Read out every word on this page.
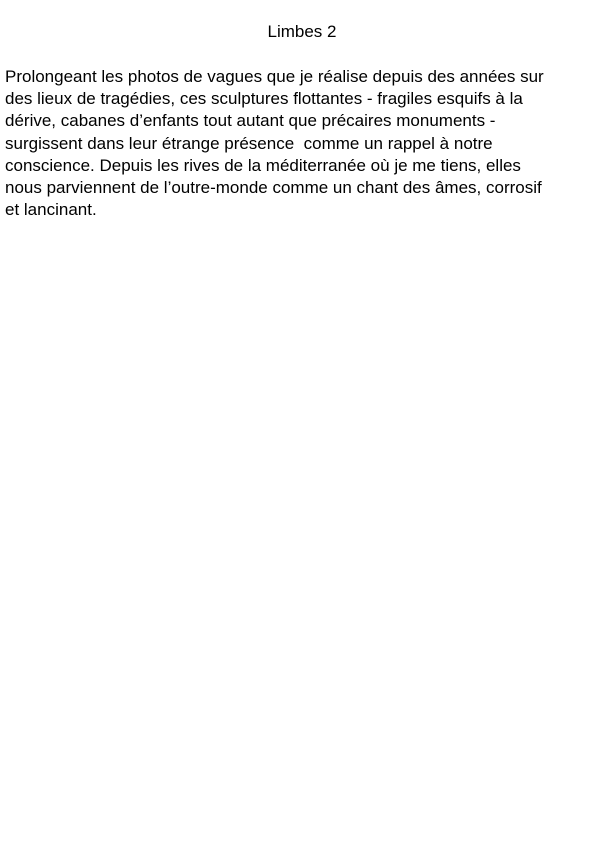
Limbes 2
Prolongeant les photos de vagues que je réalise depuis des années sur
des lieux de tragédies, ces sculptures flottantes - fragiles esquifs à la
dérive, cabanes d’enfants tout autant que précaires monuments -
surgissent dans leur étrange présence  comme un rappel à notre
conscience. Depuis les rives de la méditerranée où je me tiens, elles
nous parviennent de l’outre-monde comme un chant des âmes, corrosif
et lancinant.
